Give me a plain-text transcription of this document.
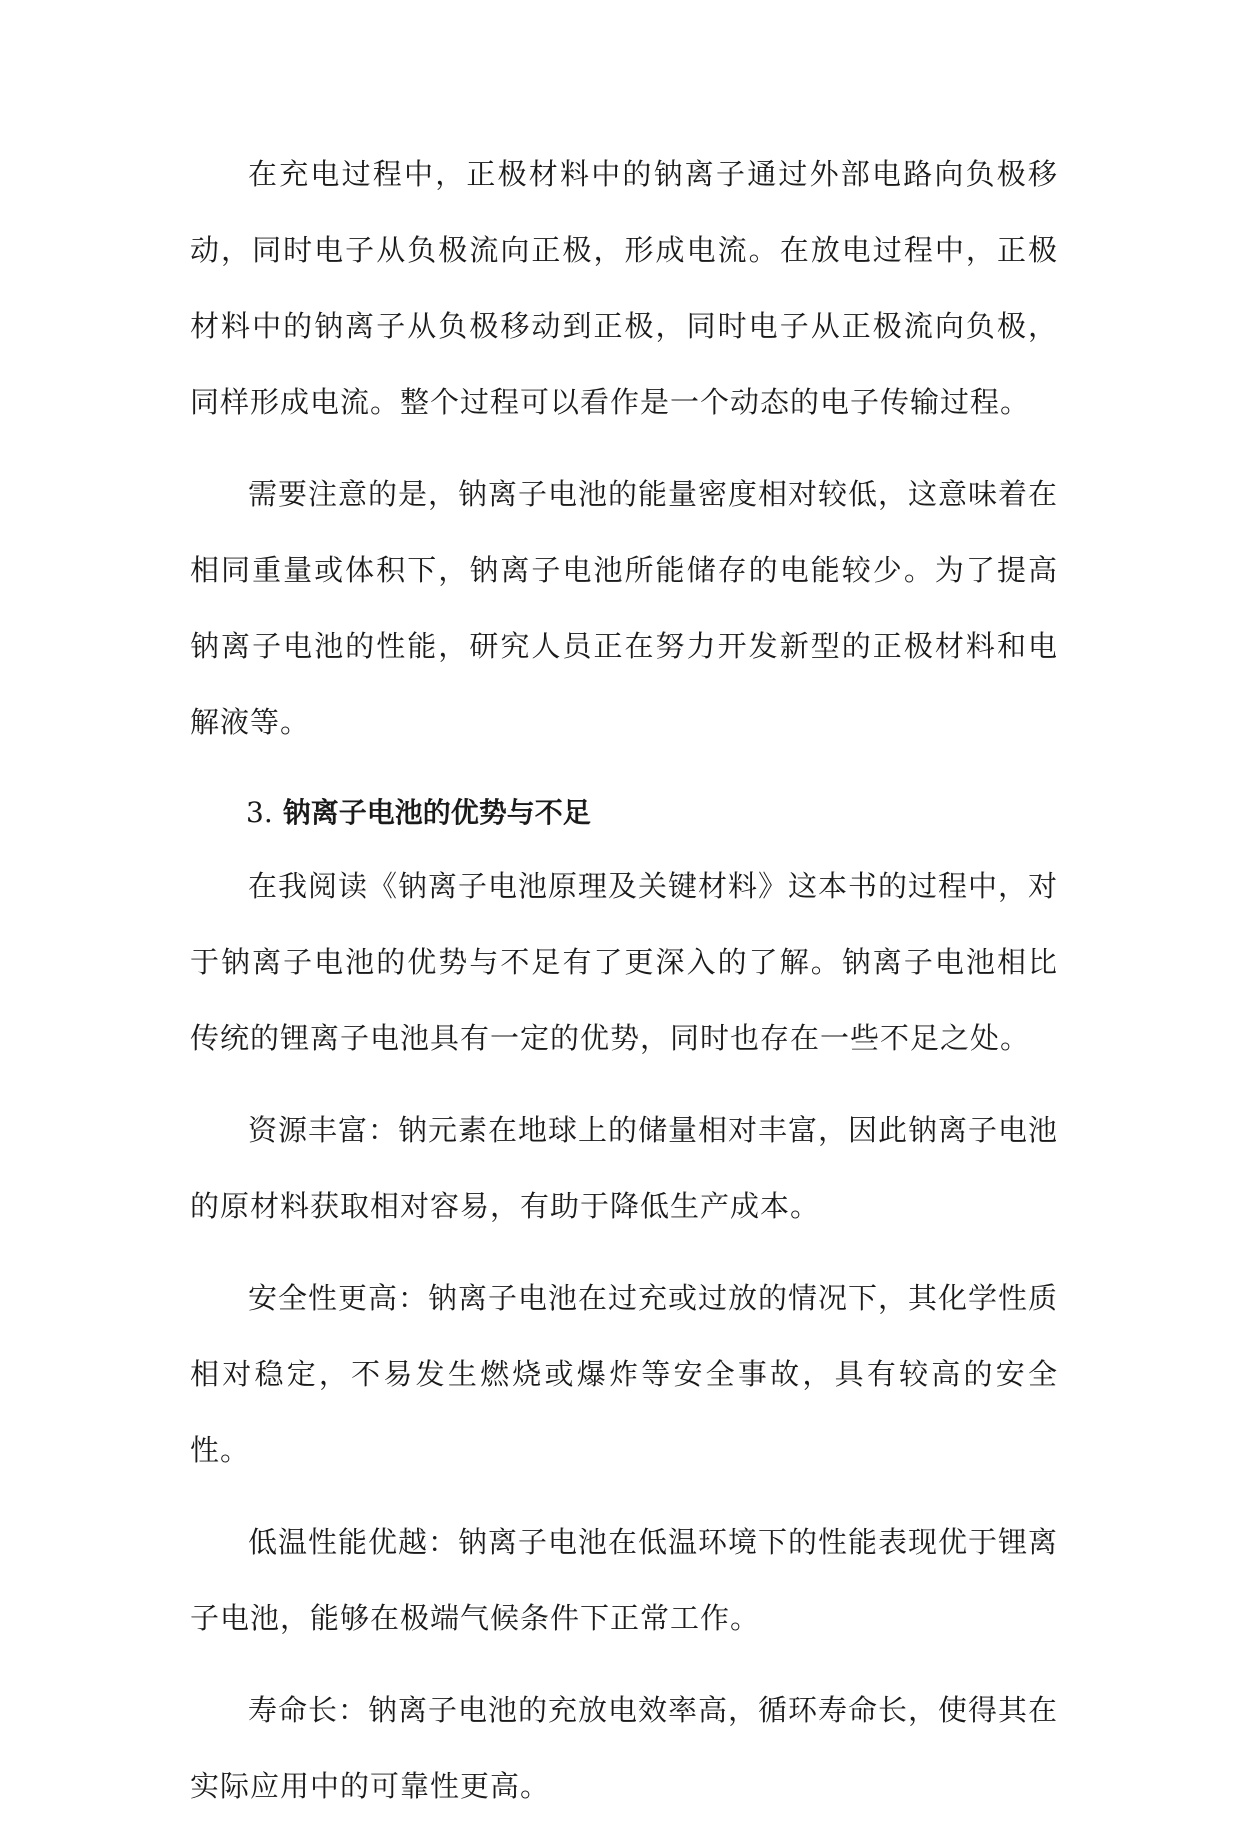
在充电过程中，正极材料中的钠离子通过外部电路向负极移动，同时电子从负极流向正极，形成电流。在放电过程中，正极材料中的钠离子从负极移动到正极，同时电子从正极流向负极，同样形成电流。整个过程可以看作是一个动态的电子传输过程。

需要注意的是，钠离子电池的能量密度相对较低，这意味着在相同重量或体积下，钠离子电池所能储存的电能较少。为了提高钠离子电池的性能，研究人员正在努力开发新型的正极材料和电解液等。

3. 钠离子电池的优势与不足

在我阅读《钠离子电池原理及关键材料》这本书的过程中，对于钠离子电池的优势与不足有了更深入的了解。钠离子电池相比传统的锂离子电池具有一定的优势，同时也存在一些不足之处。

资源丰富：钠元素在地球上的储量相对丰富，因此钠离子电池的原材料获取相对容易，有助于降低生产成本。

安全性更高：钠离子电池在过充或过放的情况下，其化学性质相对稳定，不易发生燃烧或爆炸等安全事故，具有较高的安全性。

低温性能优越：钠离子电池在低温环境下的性能表现优于锂离子电池，能够在极端气候条件下正常工作。

寿命长：钠离子电池的充放电效率高，循环寿命长，使得其在实际应用中的可靠性更高。
